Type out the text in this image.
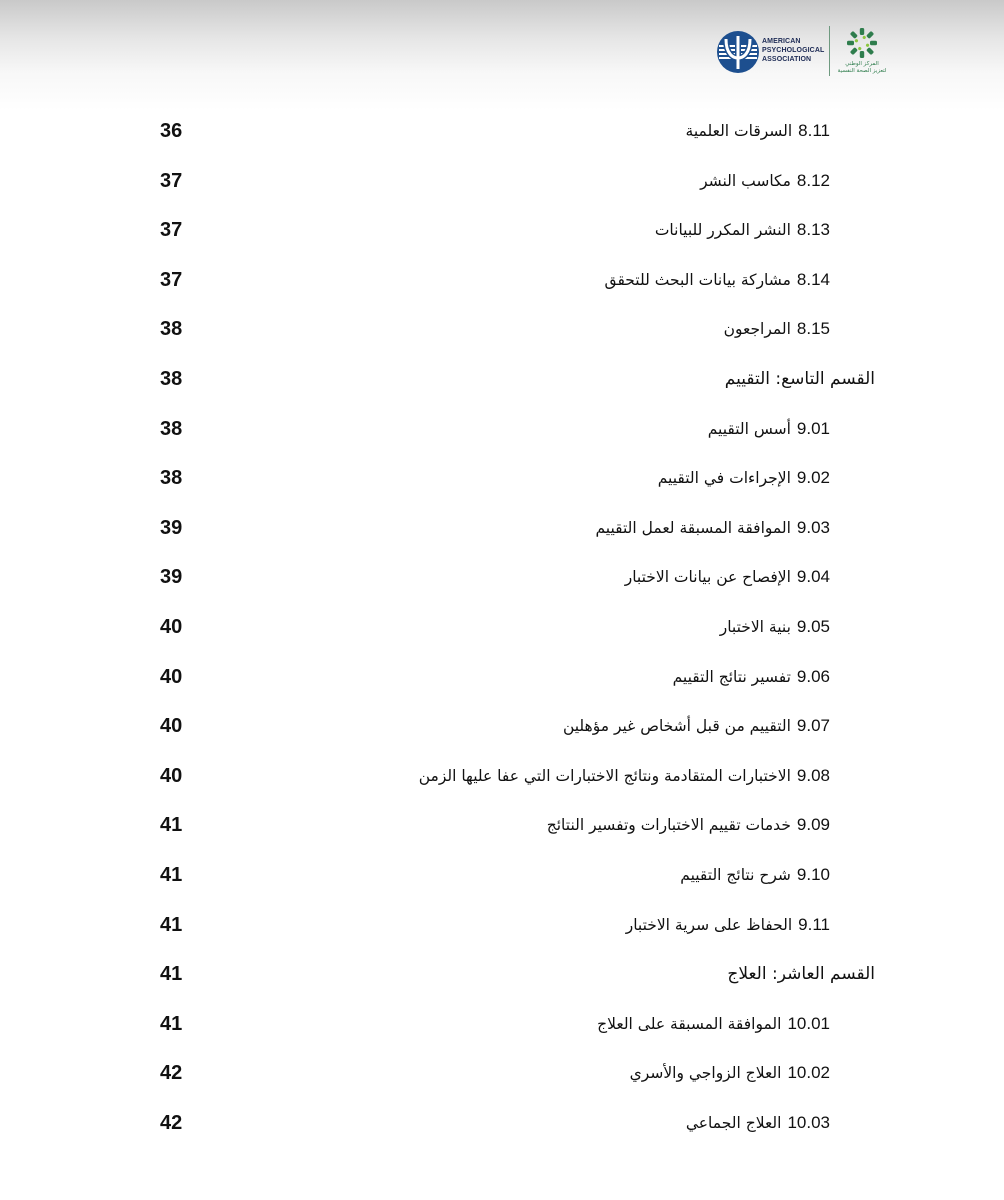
AMERICAN
PSYCHOLOGICAL
ASSOCIATION
المركز الوطني
لتعزيز الصحة النفسية
36	8.11السرقات العلمية
37	8.12مكاسب النشر
37	8.13النشر المكرر للبيانات
37	8.14مشاركة بيانات البحث للتحقق
38	8.15المراجعون
38	القسم التاسع: التقييم
38	9.01أسس التقييم
38	9.02الإجراءات في التقييم
39	9.03الموافقة المسبقة لعمل التقييم
39	9.04الإفصاح عن بيانات الاختبار
40	9.05بنية الاختبار
40	9.06تفسير نتائج التقييم
40	9.07التقييم من قبل أشخاص غير مؤهلين
40	9.08الاختبارات المتقادمة ونتائج الاختبارات التي عفا عليها الزمن
41	9.09خدمات تقييم الاختبارات وتفسير النتائج
41	9.10شرح نتائج التقييم
41	9.11الحفاظ على سرية الاختبار
41	القسم العاشر: العلاج
41	10.01الموافقة المسبقة على العلاج
42	10.02العلاج الزواجي والأسري
42	10.03العلاج الجماعي
